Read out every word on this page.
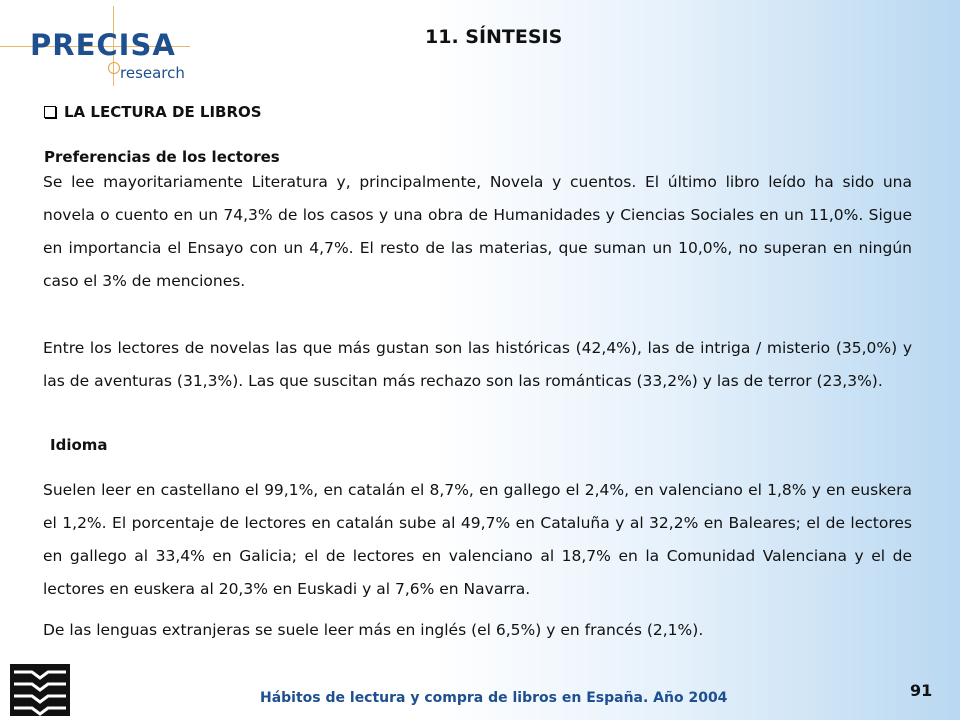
PRECISA
research
11. SÍNTESIS
LA LECTURA DE LIBROS
Preferencias de los lectores

Se lee mayoritariamente Literatura y, principalmente, Novela y cuentos. El último libro leído ha sido una novela o cuento en un 74,3% de los casos y una obra de Humanidades y Ciencias Sociales en un 11,0%. Sigue en importancia el Ensayo con un 4,7%. El resto de las materias, que suman un 10,0%, no superan en ningún caso el 3% de menciones.

Entre los lectores de novelas las que más gustan son las históricas (42,4%), las de intriga / misterio (35,0%) y las de aventuras (31,3%). Las que suscitan más rechazo son las románticas (33,2%) y las de terror (23,3%).

Idioma

Suelen leer en castellano el 99,1%, en catalán el 8,7%, en gallego el 2,4%, en valenciano el 1,8% y en euskera el 1,2%. El porcentaje de lectores en catalán sube al 49,7% en Cataluña y al 32,2% en Baleares; el de lectores en gallego al 33,4% en Galicia; el de lectores en valenciano al 18,7% en la Comunidad Valenciana y el de lectores en euskera al 20,3% en Euskadi y al 7,6% en Navarra.

De las lenguas extranjeras se suele leer más en inglés (el 6,5%) y en francés (2,1%).

Hábitos de lectura y compra de libros en España. Año 2004	91
